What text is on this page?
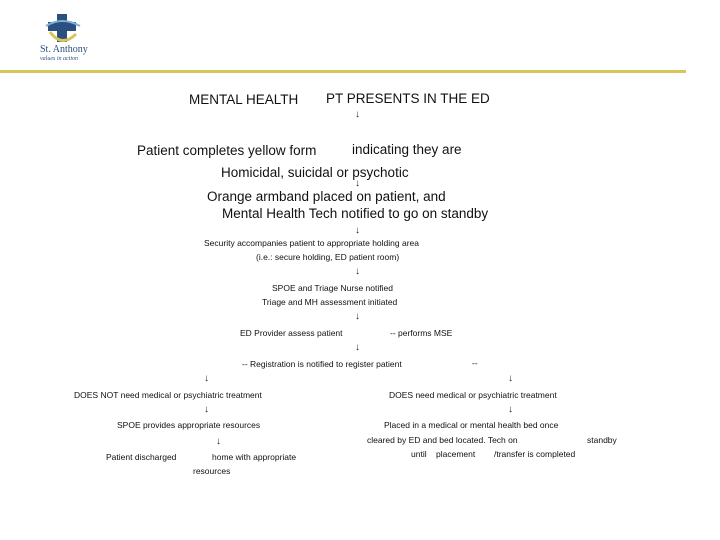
St. Anthony
values in action
MENTAL HEALTH PT PRESENTS IN THE ED
↓
Patient completes yellow form	indicating they are
Homicidal, suicidal or psychotic
↓
Orange armband placed on patient, and
Mental Health Tech notified to go on standby
↓
Security accompanies patient to appropriate holding area
(i.e.: secure holding, ED patient room)
↓
SPOE and Triage Nurse notified
Triage and MH assessment initiated
↓
ED Provider assess patient	-- performs MSE
↓
-- Registration is notified to register patient	--
↓	↓
DOES NOT need medical or psychiatric treatment
↓
SPOE provides appropriate resources
↓
Patient discharged	home with appropriate
resources
DOES need medical or psychiatric treatment
↓
Placed in a medical or mental health bed once
cleared by ED and bed located. Tech on	standby
until placement /transfer is completed
